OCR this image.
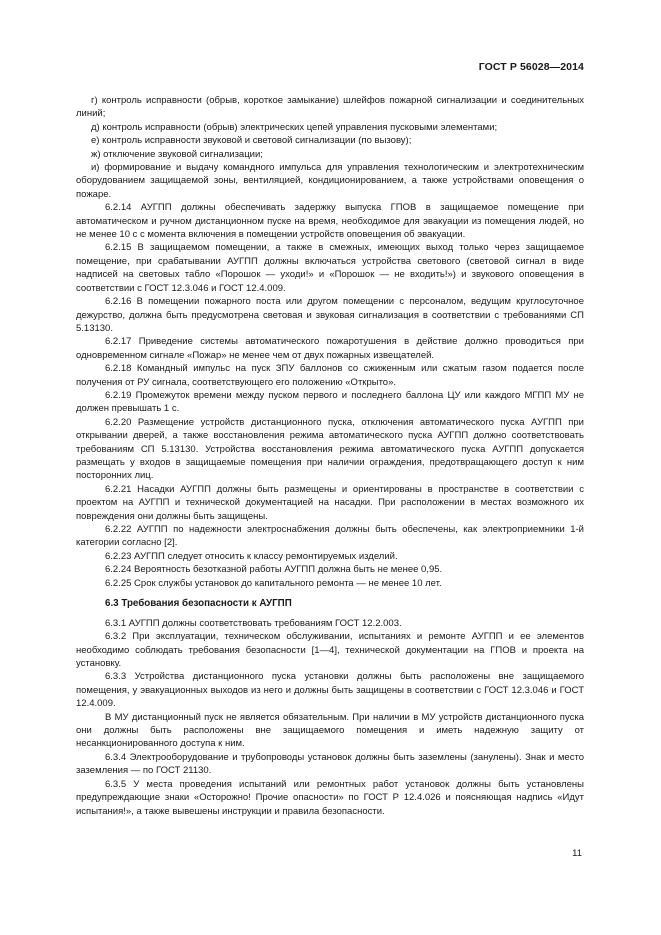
ГОСТ Р 56028—2014

г) контроль исправности (обрыв, короткое замыкание) шлейфов пожарной сигнализации и соединительных линий;

д) контроль исправности (обрыв) электрических цепей управления пусковыми элементами;

е) контроль исправности звуковой и световой сигнализации (по вызову);

ж) отключение звуковой сигнализации;

и) формирование и выдачу командного импульса для управления технологическим и электротехническим оборудованием защищаемой зоны, вентиляцией, кондиционированием, а также устройствами оповещения о пожаре.

6.2.14 АУГПП должны обеспечивать задержку выпуска ГПОВ в защищаемое помещение при автоматическом и ручном дистанционном пуске на время, необходимое для эвакуации из помещения людей, но не менее 10 с с момента включения в помещении устройств оповещения об эвакуации.

6.2.15 В защищаемом помещении, а также в смежных, имеющих выход только через защищаемое помещение, при срабатывании АУГПП должны включаться устройства светового (световой сигнал в виде надписей на световых табло «Порошок — уходи!» и «Порошок — не входить!») и звукового оповещения в соответствии с ГОСТ 12.3.046 и ГОСТ 12.4.009.

6.2.16 В помещении пожарного поста или другом помещении с персоналом, ведущим круглосуточное дежурство, должна быть предусмотрена световая и звуковая сигнализация в соответствии с требованиями СП 5.13130.

6.2.17 Приведение системы автоматического пожаротушения в действие должно проводиться при одновременном сигнале «Пожар» не менее чем от двух пожарных извещателей.

6.2.18 Командный импульс на пуск ЗПУ баллонов со сжиженным или сжатым газом подается после получения от РУ сигнала, соответствующего его положению «Открыто».

6.2.19 Промежуток времени между пуском первого и последнего баллона ЦУ или каждого МГПП МУ не должен превышать 1 с.

6.2.20 Размещение устройств дистанционного пуска, отключения автоматического пуска АУГПП при открывании дверей, а также восстановления режима автоматического пуска АУГПП должно соответствовать требованиям СП 5.13130. Устройства восстановления режима автоматического пуска АУГПП допускается размещать у входов в защищаемые помещения при наличии ограждения, предотвращающего доступ к ним посторонних лиц.

6.2.21 Насадки АУГПП должны быть размещены и ориентированы в пространстве в соответствии с проектом на АУГПП и технической документацией на насадки. При расположении в местах возможного их повреждения они должны быть защищены.

6.2.22 АУГПП по надежности электроснабжения должны быть обеспечены, как электроприемники 1-й категории согласно [2].

6.2.23 АУГПП следует относить к классу ремонтируемых изделий.

6.2.24 Вероятность безотказной работы АУГПП должна быть не менее 0,95.

6.2.25 Срок службы установок до капитального ремонта — не менее 10 лет.

6.3 Требования безопасности к АУГПП

6.3.1 АУГПП должны соответствовать требованиям ГОСТ 12.2.003.

6.3.2 При эксплуатации, техническом обслуживании, испытаниях и ремонте АУГПП и ее элементов необходимо соблюдать требования безопасности [1—4], технической документации на ГПОВ и проекта на установку.

6.3.3 Устройства дистанционного пуска установки должны быть расположены вне защищаемого помещения, у эвакуационных выходов из него и должны быть защищены в соответствии с ГОСТ 12.3.046 и ГОСТ 12.4.009.

В МУ дистанционный пуск не является обязательным. При наличии в МУ устройств дистанционного пуска они должны быть расположены вне защищаемого помещения и иметь надежную защиту от несанкционированного доступа к ним.

6.3.4 Электрооборудование и трубопроводы установок должны быть заземлены (занулены). Знак и место заземления — по ГОСТ 21130.

6.3.5 У места проведения испытаний или ремонтных работ установок должны быть установлены предупреждающие знаки «Осторожно! Прочие опасности» по ГОСТ Р 12.4.026 и поясняющая надпись «Идут испытания!», а также вывешены инструкции и правила безопасности.

11
